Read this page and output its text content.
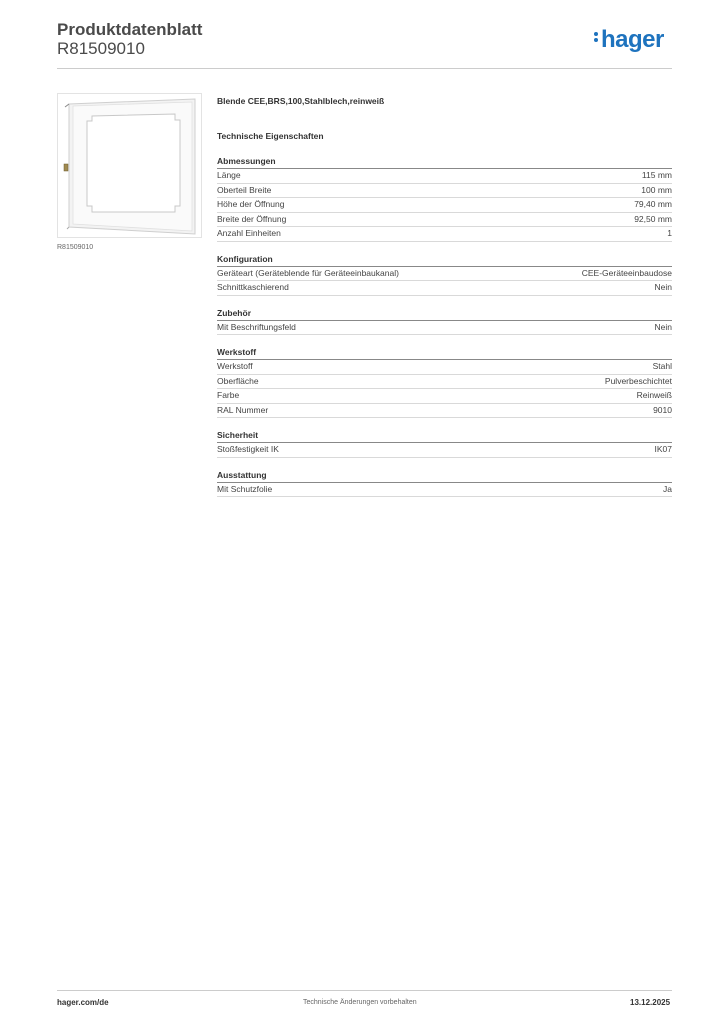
Produktdatenblatt
R81509010	hager
R81509010
Blende CEE,BRS,100,Stahlblech,reinweiß
Technische Eigenschaften
Abmessungen
Länge	115 mm
Oberteil Breite	100 mm
Höhe der Öffnung	79,40 mm
Breite der Öffnung	92,50 mm
Anzahl Einheiten	1
Konfiguration
Geräteart (Geräteblende für Geräteeinbaukanal)	CEE-Geräteeinbaudose
Schnittkaschierend	Nein
Zubehör
Mit Beschriftungsfeld	Nein
Werkstoff
Werkstoff	Stahl
Oberfläche	Pulverbeschichtet
Farbe	Reinweiß
RAL Nummer	9010
Sicherheit
Stoßfestigkeit IK	IK07
Ausstattung
Mit Schutzfolie	Ja
hager.com/de	Technische Änderungen vorbehalten	13.12.2025
